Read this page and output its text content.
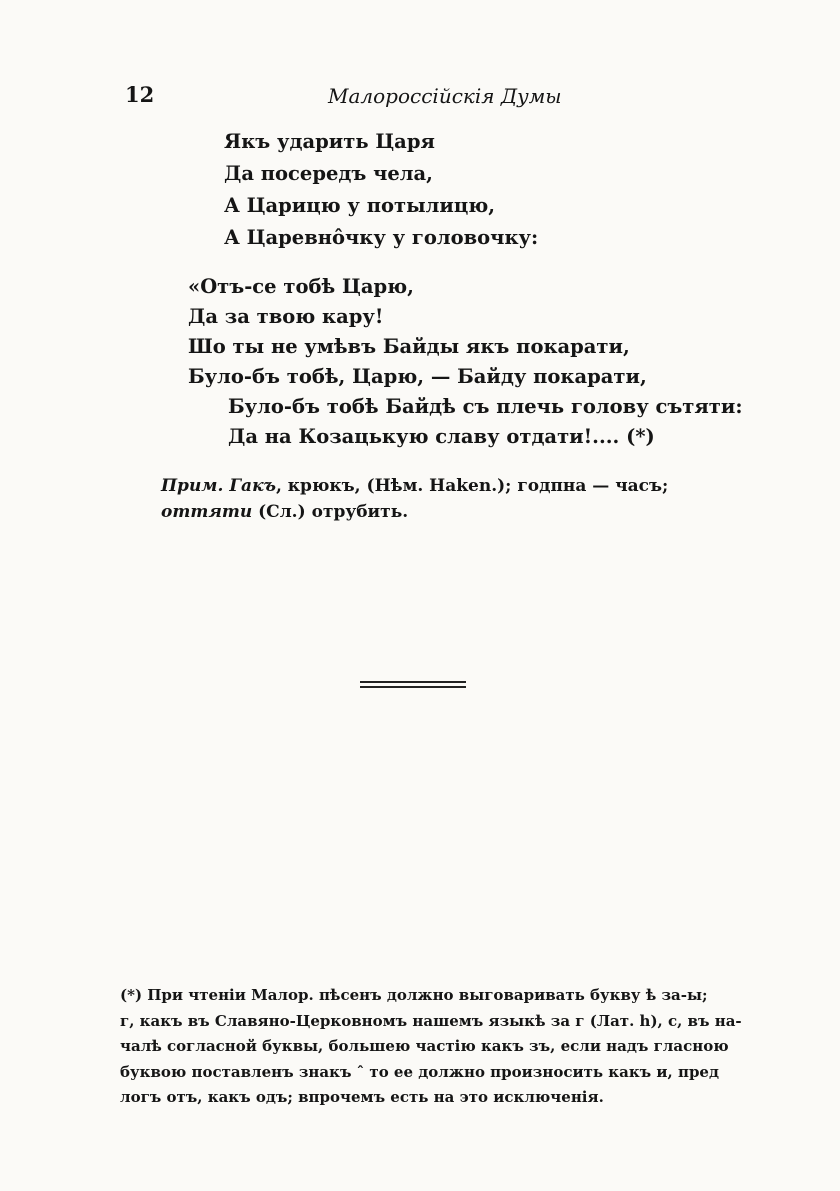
12	Малороссійскія Думы
Якъ ударить Царя
Да посередъ чела,
А Царицю у потылицю,
А Царевнôчку у головочку:
«Отъ-се тобѣ Царю,
Да за твою кару!
Шо ты не умѣвъ Байды якъ покарати,
Було-бъ тобѣ, Царю, — Байду покарати,
Було-бъ тобѣ Байдѣ съ плечь голову сътяти:
Да на Козацькую славу отдати!.... (*)
Прим. Гакъ, крюкъ, (Нѣм. Haken.); годпна — часъ; оттяти (Сл.) отрубить.
(*) При чтеніи Малор. пѣсенъ должно выговаривать букву ѣ за-ы;
г, какъ въ Славяно-Церковномъ нашемъ языкѣ за г (Лат. h), с, въ на-
чалѣ согласной буквы, большею частію какъ зъ, если надъ гласною
буквою поставленъ знакъ ˆ то ее должно произносить какъ и, пред
логъ отъ, какъ одъ; впрочемъ есть на это исключенія.
